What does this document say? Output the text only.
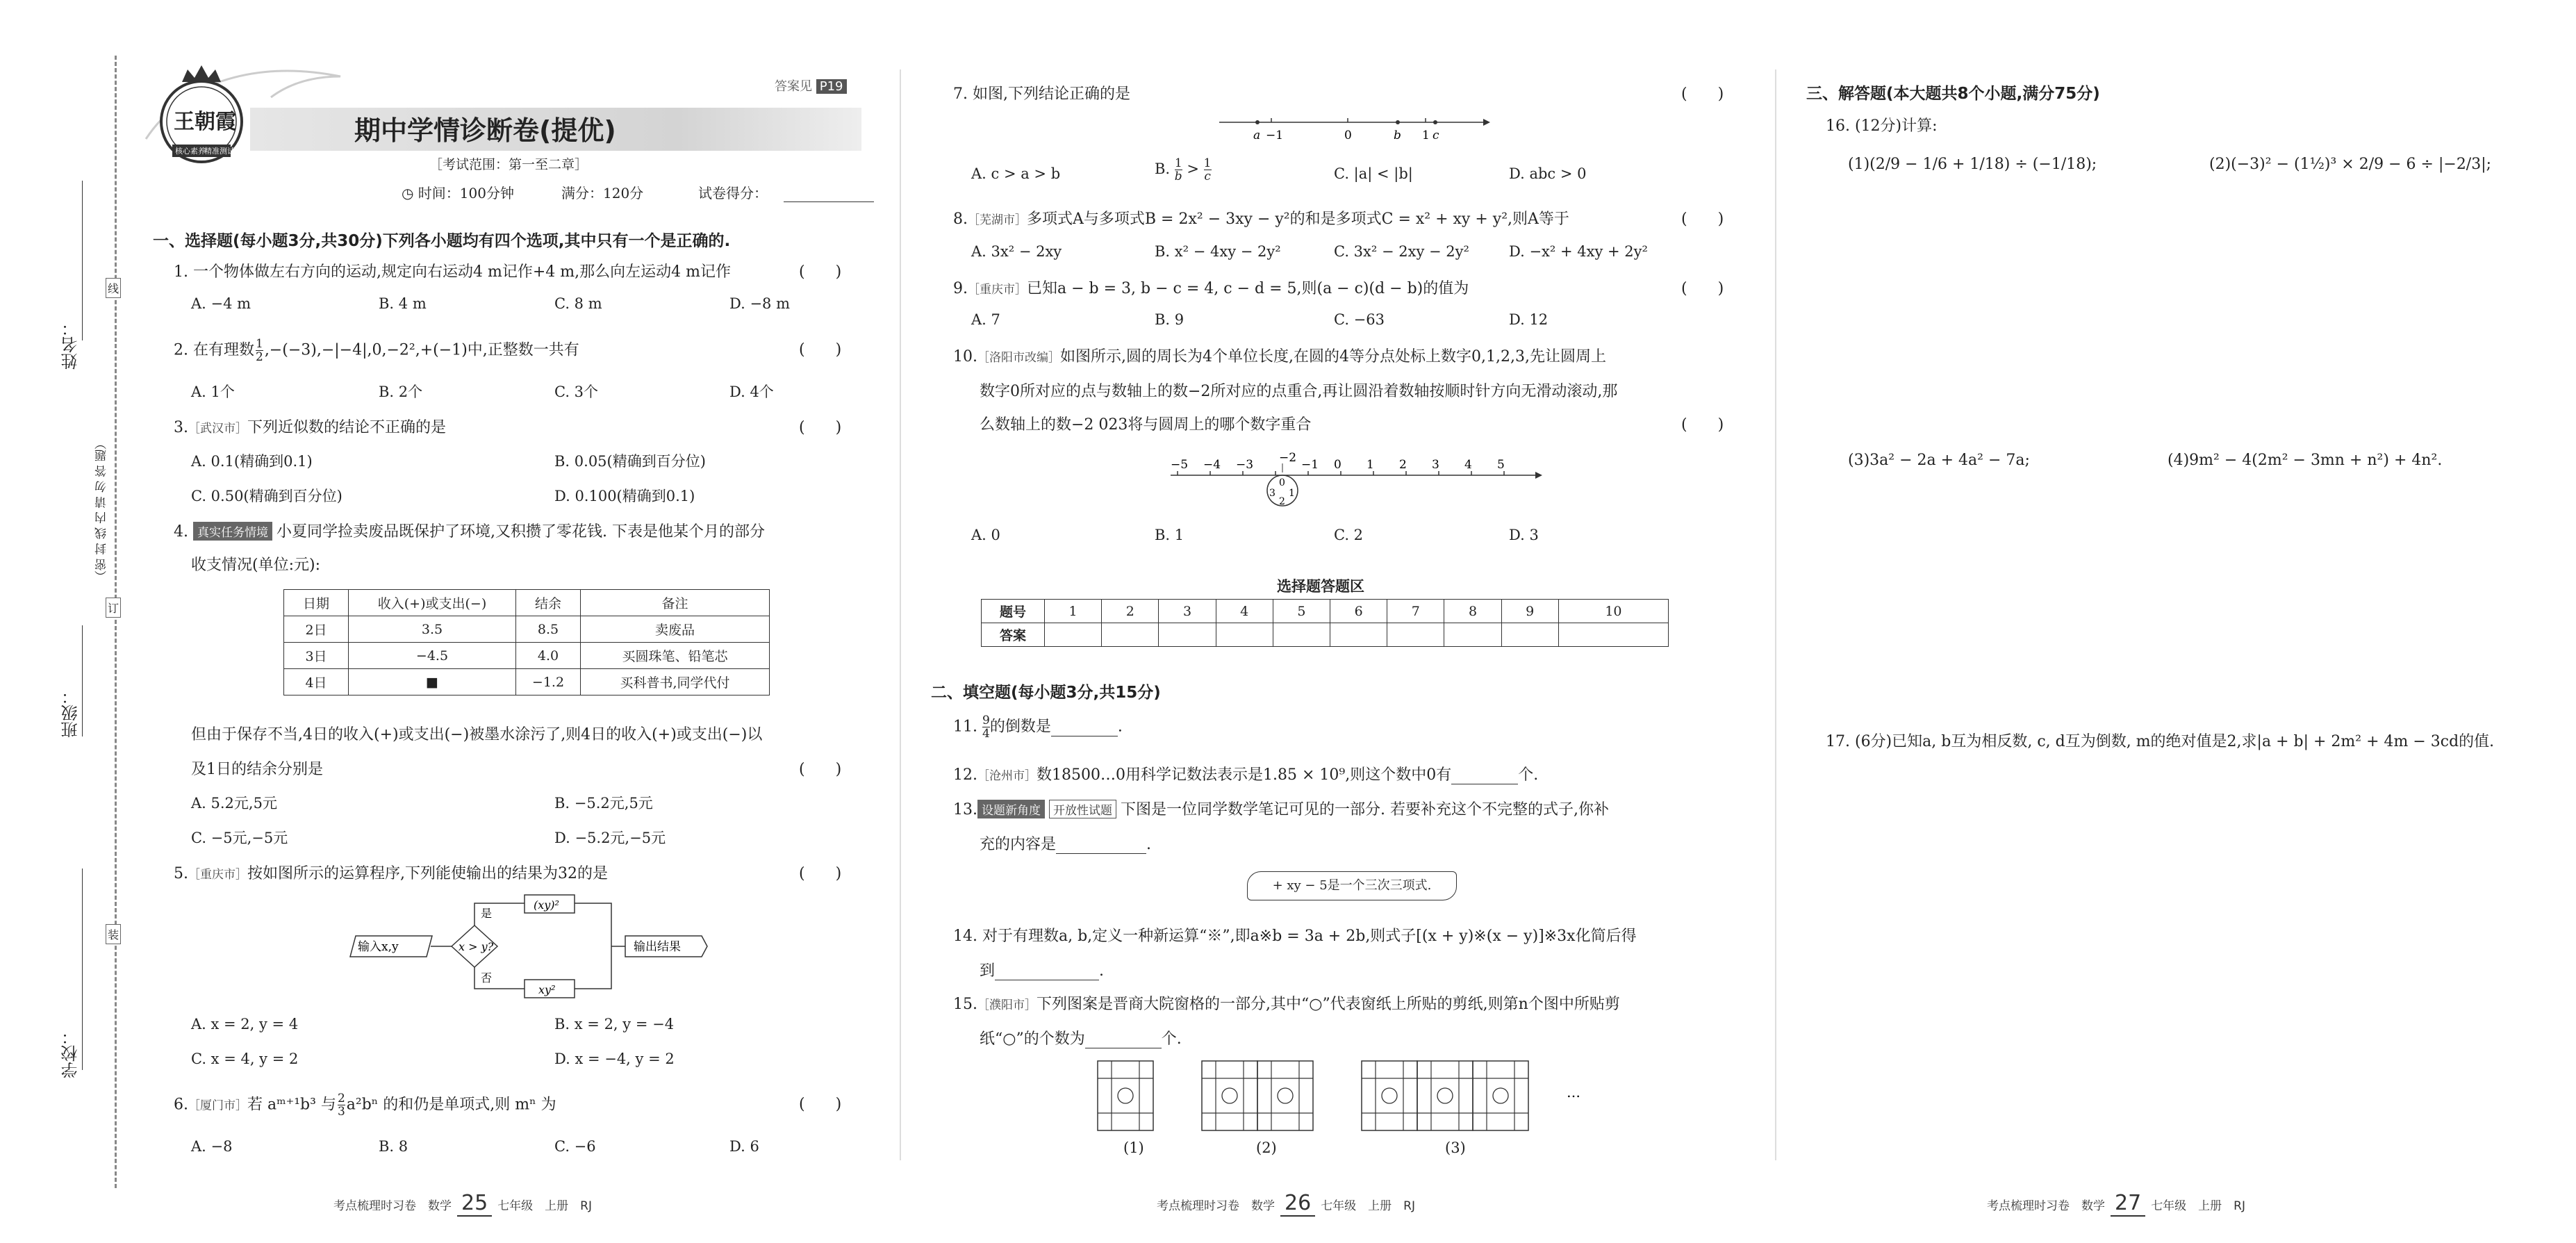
姓名：
班级：
学校：
（密 封 线 内 请 勿 答 题）
线
订
装
王朝霞
核心素养
精准测试
答案见 P19
期中学情诊断卷(提优)
［考试范围：第一至二章］
◷ 时间：100分钟	满分：120分	试卷得分：
一、选择题(每小题3分,共30分)下列各小题均有四个选项,其中只有一个是正确的.
1. 一个物体做左右方向的运动,规定向右运动4 m记作+4 m,那么向左运动4 m记作	(　　)
A. −4 m	B. 4 m	C. 8 m	D. −8 m
2. 在有理数 $\frac{1}{2} ,-(-3),-|-4|,0,-2^2,+(-1)$中,正整数一共有	(　　)
A. 1个	B. 2个	C. 3个	D. 4个
3.［武汉市］下列近似数的结论不正确的是	(　　)
A. 0.1(精确到0.1)	B. 0.05(精确到百分位)
C. 0.50(精确到百分位)	D. 0.100(精确到0.1)
4. 真实任务情境 小夏同学捡卖废品既保护了环境,又积攒了零花钱. 下表是他某个月的部分
收支情况(单位:元):
日期	收入(+)或支出(−)	结余	备注
2日	3.5	8.5	卖废品
3日	−4.5	4.0	买圆珠笔、铅笔芯
4日	■	−1.2	买科普书,同学代付
但由于保存不当,4日的收入(+)或支出(−)被墨水涂污了,则4日的收入(+)或支出(−)以
及1日的结余分别是	(　　)
A. 5.2元,5元	B. −5.2元,5元
C. −5元,−5元	D. −5.2元,−5元
5.［重庆市］按如图所示的运算程序,下列能使输出的结果为32的是	(　　)
输入x,y	x > y?
是
否
(xy)²
xy²
输出结果
A. x = 2, y = 4	B. x = 2, y = −4
C. x = 4, y = 2	D. x = −4, y = 2
6.［厦门市］若 aᵐ⁺¹b³ 与 $\frac{2}{3} a^2b^n$ 的和仍是单项式,则 mⁿ 为	(　　)
A. −8	B. 8	C. −6	D. 6
考点梳理时习卷　数学 25 七年级　上册　RJ
7. 如图,下列结论正确的是	(　　)
a −1	0	b 1 c
A. c > a > b	B. $\frac{1}{b} > \frac{1}{c}$	C. |a| < |b|	D. abc > 0
8.［芜湖市］多项式A与多项式B = 2x² − 3xy − y²的和是多项式C = x² + xy + y²,则A等于	(　　)
A. 3x² − 2xy	B. x² − 4xy − 2y²	C. 3x² − 2xy − 2y²	D. −x² + 4xy + 2y²
9.［重庆市］已知a − b = 3, b − c = 4, c − d = 5,则(a − c)(d − b)的值为	(　　)
A. 7	B. 9	C. −63	D. 12
10.［洛阳市改编］如图所示,圆的周长为4个单位长度,在圆的4等分点处标上数字0,1,2,3,先让圆周上
数字0所对应的点与数轴上的数−2所对应的点重合,再让圆沿着数轴按顺时针方向无滑动滚动,那
么数轴上的数−2 023将与圆周上的哪个数字重合	(　　)
−2
0
3 1
2
−5 −4 −3	−1 0 1 2 3 4 5
A. 0	B. 1	C. 2	D. 3
选择题答题区
题号	1	2	3	4	5	6	7	8	9	10
答案										
二、填空题(每小题3分,共15分)
11. $\frac{9}{4}$ 的倒数是	.
12.［沧州市］数18500…0用科学记数法表示是1.85 × 10⁹,则这个数中0有	个.
13. 设题新角度 开放性试题 下图是一位同学数学笔记可见的一部分. 若要补充这个不完整的式子,你补
充的内容是	.
+ xy − 5是一个三次三项式.
14. 对于有理数a, b,定义一种新运算“※”,即a※b = 3a + 2b,则式子[(x + y)※(x − y)]※3x化简后得
到	.
15.［濮阳市］下列图案是晋商大院窗格的一部分,其中“○”代表窗纸上所贴的剪纸,则第n个图中所贴剪
纸“○”的个数为	个.
…
(1)	(2)	(3)
考点梳理时习卷　数学 26 七年级　上册　RJ
三、解答题(本大题共8个小题,满分75分)
16. (12分)计算:
(1)(2/9 − 1/6 + 1/18) ÷ (−1/18);	(2)(−3)² − (1½)³ × 2/9 − 6 ÷ |−2/3|;
(3)3a² − 2a + 4a² − 7a;	(4)9m² − 4(2m² − 3mn + n²) + 4n².
17. (6分)已知a, b互为相反数, c, d互为倒数, m的绝对值是2,求|a + b| + 2m² + 4m − 3cd的值.
考点梳理时习卷　数学 27 七年级　上册　RJ
